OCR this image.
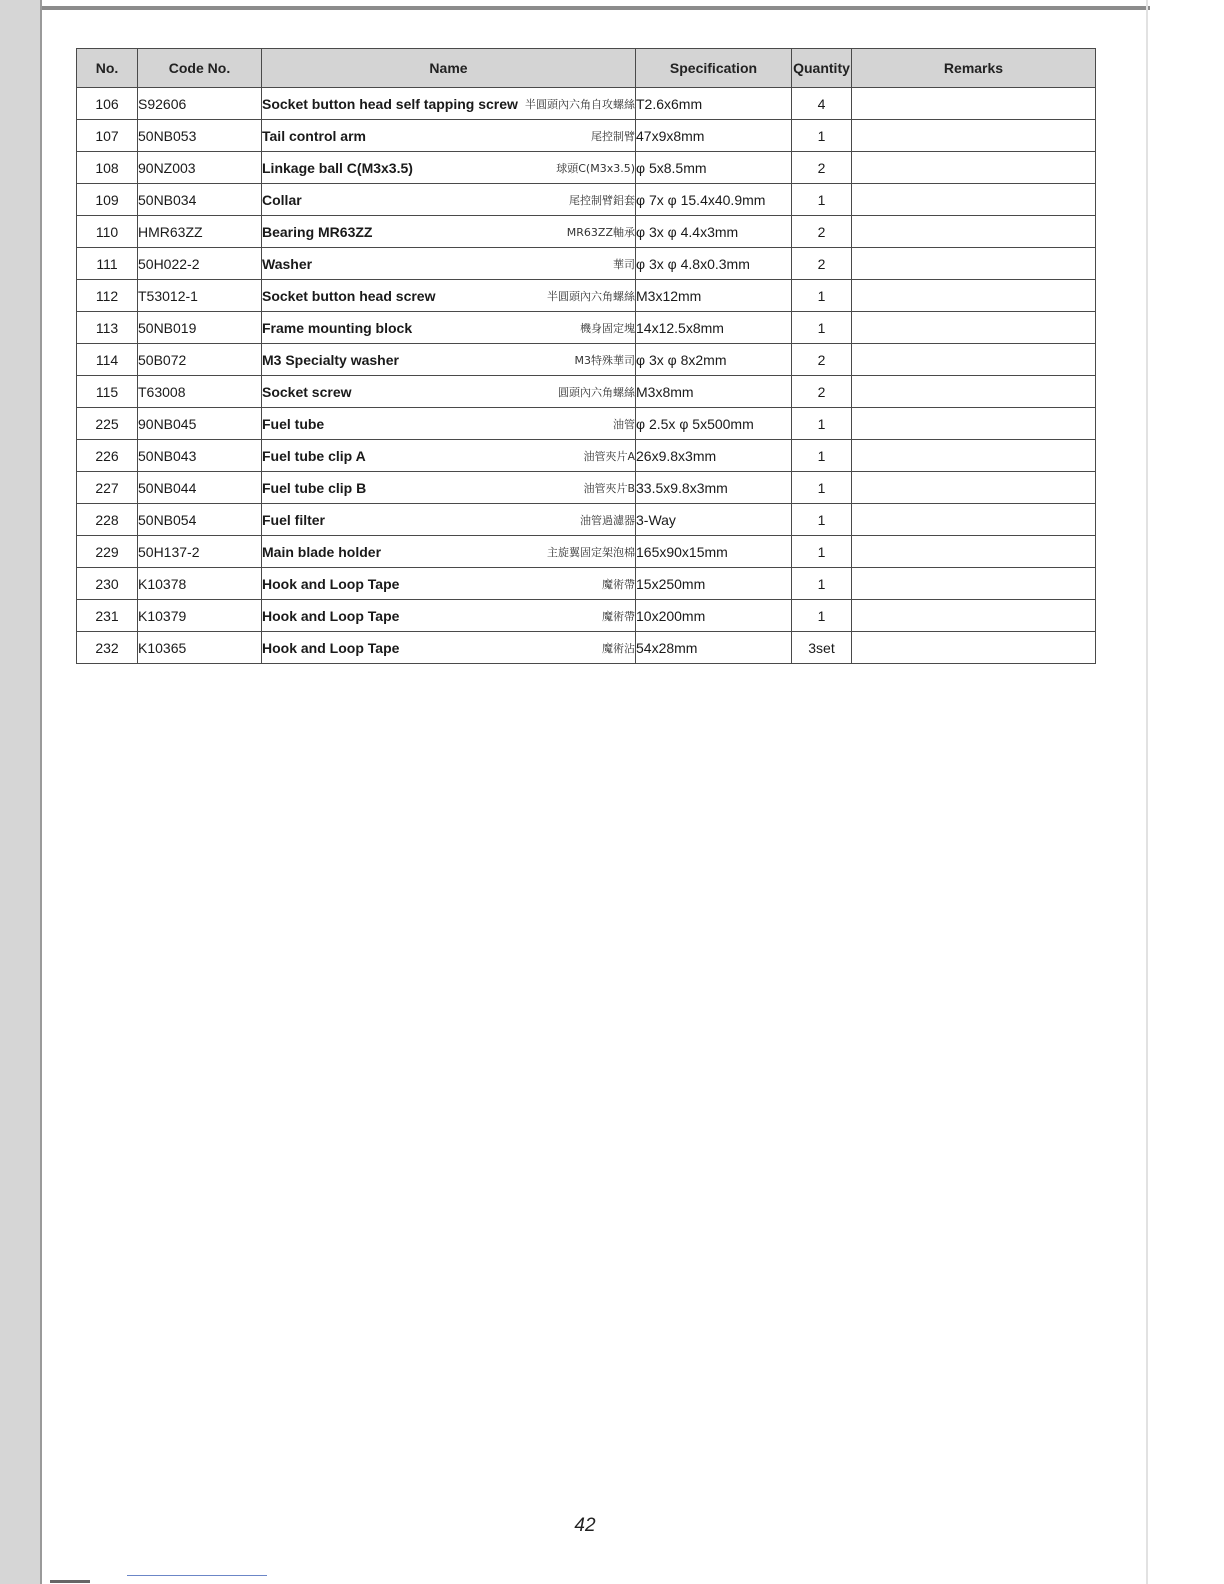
No.	Code No.	Name	Specification	Quantity	Remarks
106	S92606	Socket button head self tapping screw 半圓頭內六角自攻螺絲	T2.6x6mm	4	
107	50NB053	Tail control arm 尾控制臂	47x9x8mm	1	
108	90NZ003	Linkage ball C(M3x3.5) 球頭C(M3x3.5)	φ 5x8.5mm	2	
109	50NB034	Collar 尾控制臂鋁套	φ 7x φ 15.4x40.9mm	1	
110	HMR63ZZ	Bearing MR63ZZ MR63ZZ軸承	φ 3x φ 4.4x3mm	2	
111	50H022-2	Washer 華司	φ 3x φ 4.8x0.3mm	2	
112	T53012-1	Socket button head screw 半圓頭內六角螺絲	M3x12mm	1	
113	50NB019	Frame mounting block 機身固定塊	14x12.5x8mm	1	
114	50B072	M3 Specialty washer M3特殊華司	φ 3x φ 8x2mm	2	
115	T63008	Socket screw 圓頭內六角螺絲	M3x8mm	2	
225	90NB045	Fuel tube 油管	φ 2.5x φ 5x500mm	1	
226	50NB043	Fuel tube clip A 油管夾片A	26x9.8x3mm	1	
227	50NB044	Fuel tube clip B 油管夾片B	33.5x9.8x3mm	1	
228	50NB054	Fuel filter 油管過濾器	3-Way	1	
229	50H137-2	Main blade holder 主旋翼固定架泡棉	165x90x15mm	1	
230	K10378	Hook and Loop Tape 魔術帶	15x250mm	1	
231	K10379	Hook and Loop Tape 魔術帶	10x200mm	1	
232	K10365	Hook and Loop Tape 魔術沾	54x28mm	3set	
42
